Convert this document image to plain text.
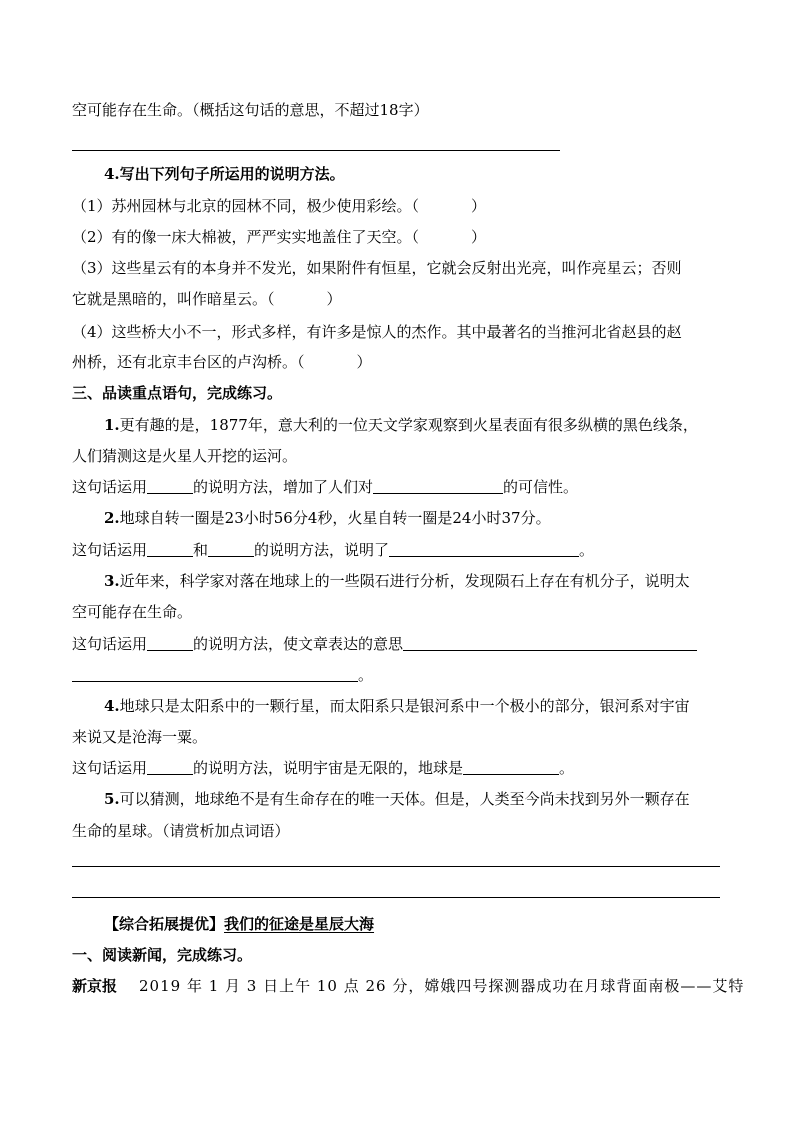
空可能存在生命。（概括这句话的意思，不超过18字）
4.写出下列句子所运用的说明方法。
（1）苏州园林与北京的园林不同，极少使用彩绘。（	）
（2）有的像一床大棉被，严严实实地盖住了天空。（	）
（3）这些星云有的本身并不发光，如果附件有恒星，它就会反射出光亮，叫作亮星云；否则
它就是黑暗的，叫作暗星云。（	）
（4）这些桥大小不一，形式多样，有许多是惊人的杰作。其中最著名的当推河北省赵县的赵
州桥，还有北京丰台区的卢沟桥。（	）
三、品读重点语句，完成练习。
1.更有趣的是，1877年，意大利的一位天文学家观察到火星表面有很多纵横的黑色线条，
人们猜测这是火星人开挖的运河。
这句话运用	的说明方法，增加了人们对	的可信性。
2.地球自转一圈是23小时56分4秒，火星自转一圈是24小时37分。
这句话运用	和	的说明方法，说明了	。
3.近年来，科学家对落在地球上的一些陨石进行分析，发现陨石上存在有机分子，说明太
空可能存在生命。
这句话运用	的说明方法，使文章表达的意思
。
4.地球只是太阳系中的一颗行星，而太阳系只是银河系中一个极小的部分，银河系对宇宙
来说又是沧海一粟。
这句话运用	的说明方法，说明宇宙是无限的，地球是	。
5.可以猜测，地球绝不是有生命存在的唯一天体。但是，人类至今尚未找到另外一颗存在
生命的星球。（请赏析加点词语）
【综合拓展提优】我们的征途是星辰大海
一、阅读新闻，完成练习。
新京报 2019 年 1 月 3 日上午 10 点 26 分，嫦娥四号探测器成功在月球背面南极——艾特
